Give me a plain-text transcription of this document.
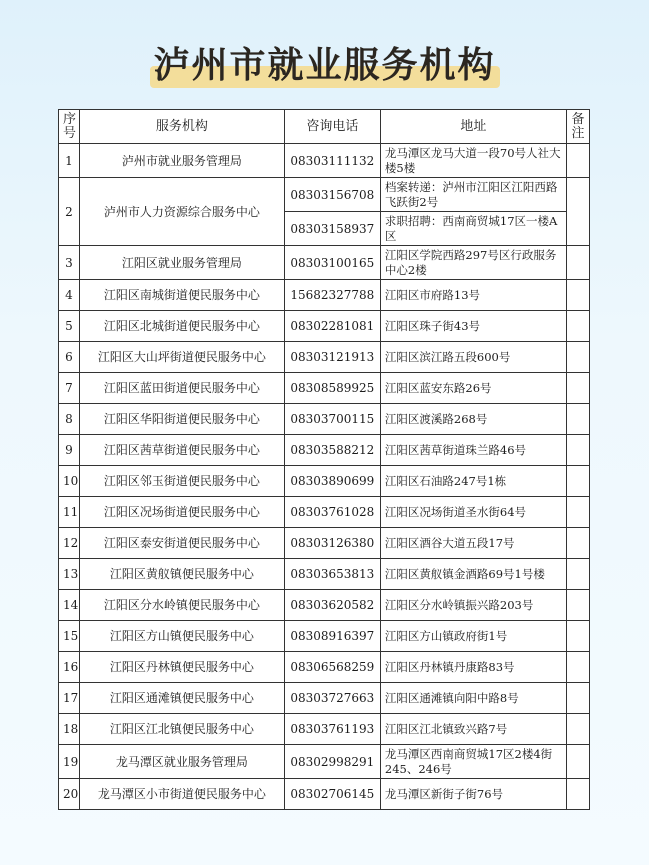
泸州市就业服务机构
序号	服务机构	咨询电话	地址	备注
1	泸州市就业服务管理局	08303111132	龙马潭区龙马大道一段70号人社大楼5楼	
2	泸州市人力资源综合服务中心	08303156708	档案转递：泸州市江阳区江阳西路飞跃街2号	
		08303158937	求职招聘：西南商贸城17区一楼A区	
3	江阳区就业服务管理局	08303100165	江阳区学院西路297号区行政服务中心2楼	
4	江阳区南城街道便民服务中心	15682327788	江阳区市府路13号	
5	江阳区北城街道便民服务中心	08302281081	江阳区珠子街43号	
6	江阳区大山坪街道便民服务中心	08303121913	江阳区滨江路五段600号	
7	江阳区蓝田街道便民服务中心	08308589925	江阳区蓝安东路26号	
8	江阳区华阳街道便民服务中心	08303700115	江阳区渡溪路268号	
9	江阳区茜草街道便民服务中心	08303588212	江阳区茜草街道珠兰路46号	
10	江阳区邻玉街道便民服务中心	08303890699	江阳区石油路247号1栋	
11	江阳区况场街道便民服务中心	08303761028	江阳区况场街道圣水街64号	
12	江阳区泰安街道便民服务中心	08303126380	江阳区酒谷大道五段17号	
13	江阳区黄舣镇便民服务中心	08303653813	江阳区黄舣镇金酒路69号1号楼	
14	江阳区分水岭镇便民服务中心	08303620582	江阳区分水岭镇振兴路203号	
15	江阳区方山镇便民服务中心	08308916397	江阳区方山镇政府街1号	
16	江阳区丹林镇便民服务中心	08306568259	江阳区丹林镇丹康路83号	
17	江阳区通滩镇便民服务中心	08303727663	江阳区通滩镇向阳中路8号	
18	江阳区江北镇便民服务中心	08303761193	江阳区江北镇致兴路7号	
19	龙马潭区就业服务管理局	08302998291	龙马潭区西南商贸城17区2楼4街245、246号	
20	龙马潭区小市街道便民服务中心	08302706145	龙马潭区新街子街76号	
